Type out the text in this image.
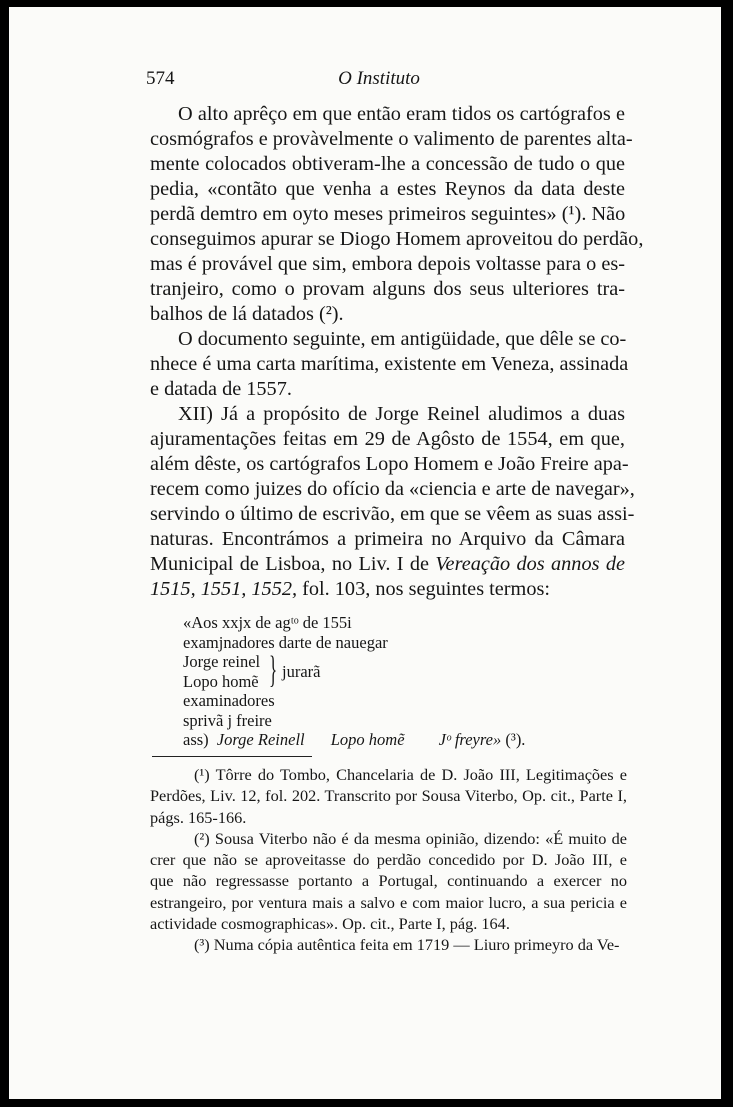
574	O Instituto

O alto aprêço em que então eram tidos os cartógrafos e
cosmógrafos e provàvelmente o valimento de parentes alta-
mente colocados obtiveram-lhe a concessão de tudo o que
pedia, «contãto que venha a estes Reynos da data deste
perdã demtro em oyto meses primeiros seguintes» (¹). Não
conseguimos apurar se Diogo Homem aproveitou do perdão,
mas é provável que sim, embora depois voltasse para o es-
tranjeiro, como o provam alguns dos seus ulteriores tra-
balhos de lá datados (²).

O documento seguinte, em antigüidade, que dêle se co-
nhece é uma carta marítima, existente em Veneza, assinada
e datada de 1557.

XII) Já a propósito de Jorge Reinel aludimos a duas
ajuramentações feitas em 29 de Agôsto de 1554, em que,
além dêste, os cartógrafos Lopo Homem e João Freire apa-
recem como juizes do ofício da «ciencia e arte de navegar»,
servindo o último de escrivão, em que se vêem as suas assi-
naturas. Encontrámos a primeira no Arquivo da Câmara
Municipal de Lisboa, no Liv. I de Vereação dos annos de
1515, 1551, 1552, fol. 103, nos seguintes termos:

«Aos xxjx de agᵗᵒ de 155i
examjnadores darte de nauegar
Jorge reinel
Lopo homẽ } jurarã
examinadores
sprivã j freire
ass) Jorge Reinell Lopo homẽ Jᵒ freyre» (³).

(¹) Tôrre do Tombo, Chancelaria de D. João III, Legitimações e
Perdões, Liv. 12, fol. 202. Transcrito por Sousa Viterbo, Op. cit., Parte I,
págs. 165-166.

(²) Sousa Viterbo não é da mesma opinião, dizendo: «É muito de
crer que não se aproveitasse do perdão concedido por D. João III, e
que não regressasse portanto a Portugal, continuando a exercer no
estrangeiro, por ventura mais a salvo e com maior lucro, a sua pericia e
actividade cosmographicas». Op. cit., Parte I, pág. 164.

(³) Numa cópia autêntica feita em 1719 — Liuro primeyro da Ve-
